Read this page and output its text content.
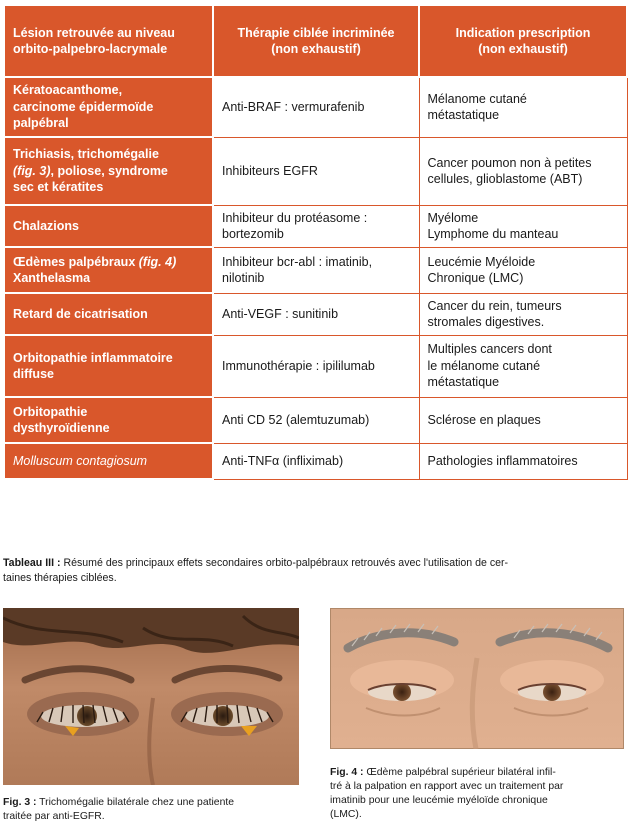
Lésion retrouvée au niveau
orbito-palpebro-lacrymale	Thérapie ciblée incriminée
(non exhaustif)	Indication prescription
(non exhaustif)
Kératoacanthome,
carcinome épidermoïde
palpébral	Anti-BRAF : vermurafenib	Mélanome cutané
métastatique
Trichiasis, trichomégalie
(fig. 3), poliose, syndrome
sec et kératites	Inhibiteurs EGFR	Cancer poumon non à petites
cellules, glioblastome (ABT)
Chalazions	Inhibiteur du protéasome :
bortezomib	Myélome
Lymphome du manteau
Œdèmes palpébraux (fig. 4)
Xanthelasma	Inhibiteur bcr-abl : imatinib,
nilotinib	Leucémie Myéloide
Chronique (LMC)
Retard de cicatrisation	Anti-VEGF : sunitinib	Cancer du rein, tumeurs
stromales digestives.
Orbitopathie inflammatoire
diffuse	Immunothérapie : ipililumab	Multiples cancers dont
le mélanome cutané
métastatique
Orbitopathie
dysthyroïdienne	Anti CD 52 (alemtuzumab)	Sclérose en plaques
Molluscum contagiosum	Anti-TNFα (infliximab)	Pathologies inflammatoires
Tableau III : Résumé des principaux effets secondaires orbito-palpébraux retrouvés avec l'utilisation de cer-
taines thérapies ciblées.
Fig. 3 : Trichomégalie bilatérale chez une patiente
traitée par anti-EGFR.
Fig. 4 : Œdème palpébral supérieur bilatéral infil-
tré à la palpation en rapport avec un traitement par
imatinib pour une leucémie myéloïde chronique
(LMC).
